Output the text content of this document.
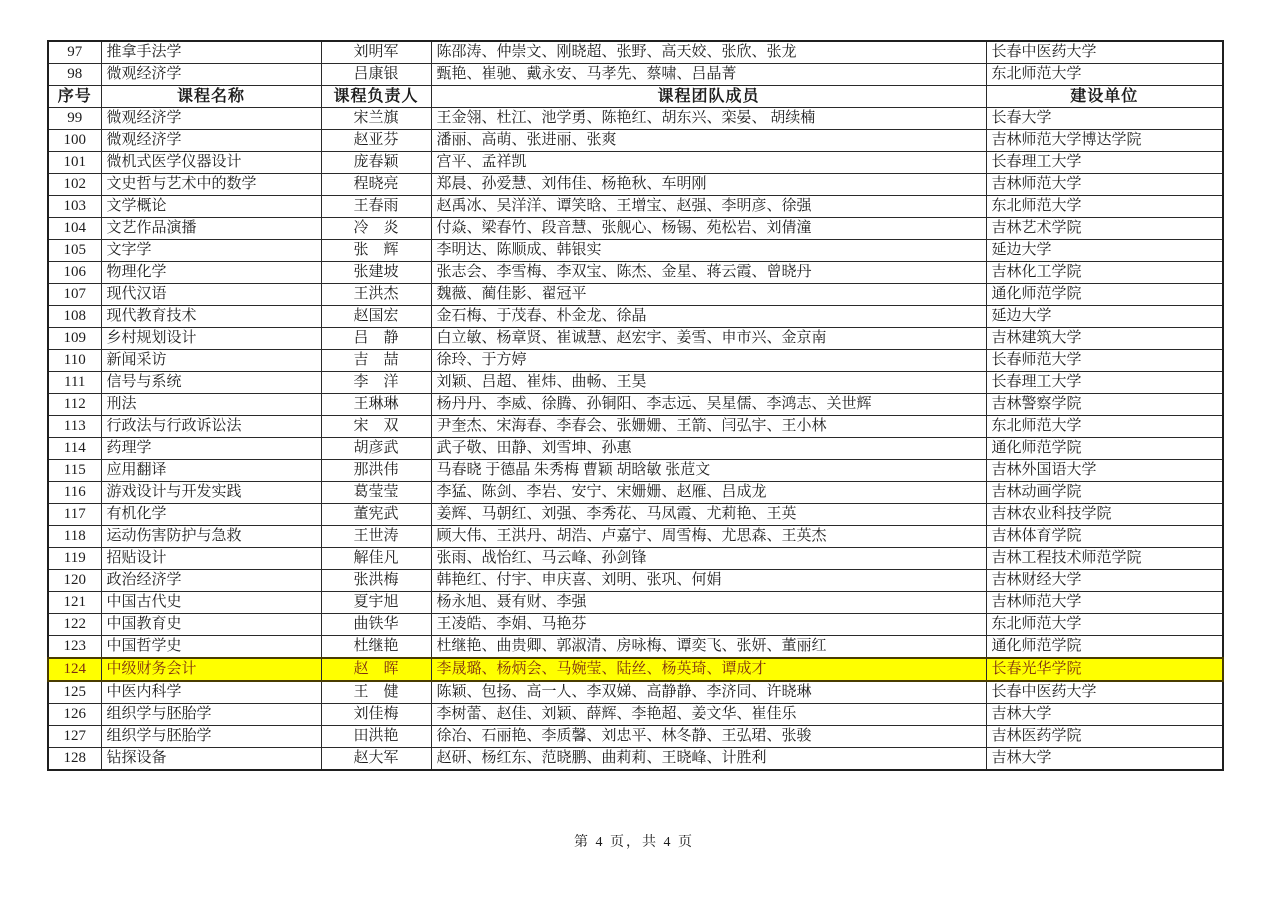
97	推拿手法学	刘明军	陈邵涛、仲崇文、刚晓超、张野、高天姣、张欣、张龙	长春中医药大学
98	微观经济学	吕康银	甄艳、崔驰、戴永安、马孝先、蔡啸、吕晶菁	东北师范大学
序号	课程名称	课程负责人	课程团队成员	建设单位
99	微观经济学	宋兰旗	王金翎、杜江、池学勇、陈艳红、胡东兴、栾晏、 胡续楠	长春大学
100	微观经济学	赵亚芬	潘丽、高萌、张进丽、张爽	吉林师范大学博达学院
101	微机式医学仪器设计	庞春颖	宫平、孟祥凯	长春理工大学
102	文史哲与艺术中的数学	程晓亮	郑晨、孙爱慧、刘伟佳、杨艳秋、车明刚	吉林师范大学
103	文学概论	王春雨	赵禹冰、吴洋洋、谭笑晗、王增宝、赵强、李明彦、徐强	东北师范大学
104	文艺作品演播	冷　炎	付焱、梁春竹、段音慧、张舰心、杨锡、苑松岩、刘倩潼	吉林艺术学院
105	文字学	张　辉	李明达、陈顺成、韩银实	延边大学
106	物理化学	张建坡	张志会、李雪梅、李双宝、陈杰、金星、蒋云霞、曾晓丹	吉林化工学院
107	现代汉语	王洪杰	魏薇、蔺佳影、翟冠平	通化师范学院
108	现代教育技术	赵国宏	金石梅、于茂春、朴金龙、徐晶	延边大学
109	乡村规划设计	吕　静	白立敏、杨章贤、崔诚慧、赵宏宇、姜雪、申市兴、金京南	吉林建筑大学
110	新闻采访	吉　喆	徐玲、于方婷	长春师范大学
111	信号与系统	李　洋	刘颖、吕超、崔炜、曲畅、王昊	长春理工大学
112	刑法	王琳琳	杨丹丹、李威、徐腾、孙铜阳、李志远、吴星儒、李鸿志、关世辉	吉林警察学院
113	行政法与行政诉讼法	宋　双	尹奎杰、宋海春、李春会、张姗姗、王箭、闫弘宇、王小林	东北师范大学
114	药理学	胡彦武	武子敬、田静、刘雪坤、孙惠	通化师范学院
115	应用翻译	那洪伟	马春晓 于德晶 朱秀梅 曹颖 胡晗敏 张苊文	吉林外国语大学
116	游戏设计与开发实践	葛莹莹	李猛、陈剑、李岩、安宁、宋姗姗、赵雁、吕成龙	吉林动画学院
117	有机化学	董宪武	姜辉、马朝红、刘强、李秀花、马凤霞、尤莉艳、王英	吉林农业科技学院
118	运动伤害防护与急救	王世涛	顾大伟、王洪丹、胡浩、卢嘉宁、周雪梅、尤思森、王英杰	吉林体育学院
119	招贴设计	解佳凡	张雨、战怡红、马云峰、孙剑锋	吉林工程技术师范学院
120	政治经济学	张洪梅	韩艳红、付宇、申庆喜、刘明、张巩、何娟	吉林财经大学
121	中国古代史	夏宇旭	杨永旭、聂有财、李强	吉林师范大学
122	中国教育史	曲铁华	王凌皓、李娟、马艳芬	东北师范大学
123	中国哲学史	杜继艳	杜继艳、曲贵卿、郭淑清、房咏梅、谭奕飞、张妍、董丽红	通化师范学院
124	中级财务会计	赵　晖	李晟璐、杨炳会、马婉莹、陆丝、杨英琦、谭成才	长春光华学院
125	中医内科学	王　健	陈颖、包扬、高一人、李双娣、高静静、李济同、许晓琳	长春中医药大学
126	组织学与胚胎学	刘佳梅	李树蕾、赵佳、刘颖、薛辉、李艳超、姜文华、崔佳乐	吉林大学
127	组织学与胚胎学	田洪艳	徐冶、石丽艳、李质馨、刘忠平、林冬静、王弘珺、张骏	吉林医药学院
128	钻探设备	赵大军	赵研、杨红东、范晓鹏、曲莉莉、王晓峰、计胜利	吉林大学
第 4 页，共 4 页
